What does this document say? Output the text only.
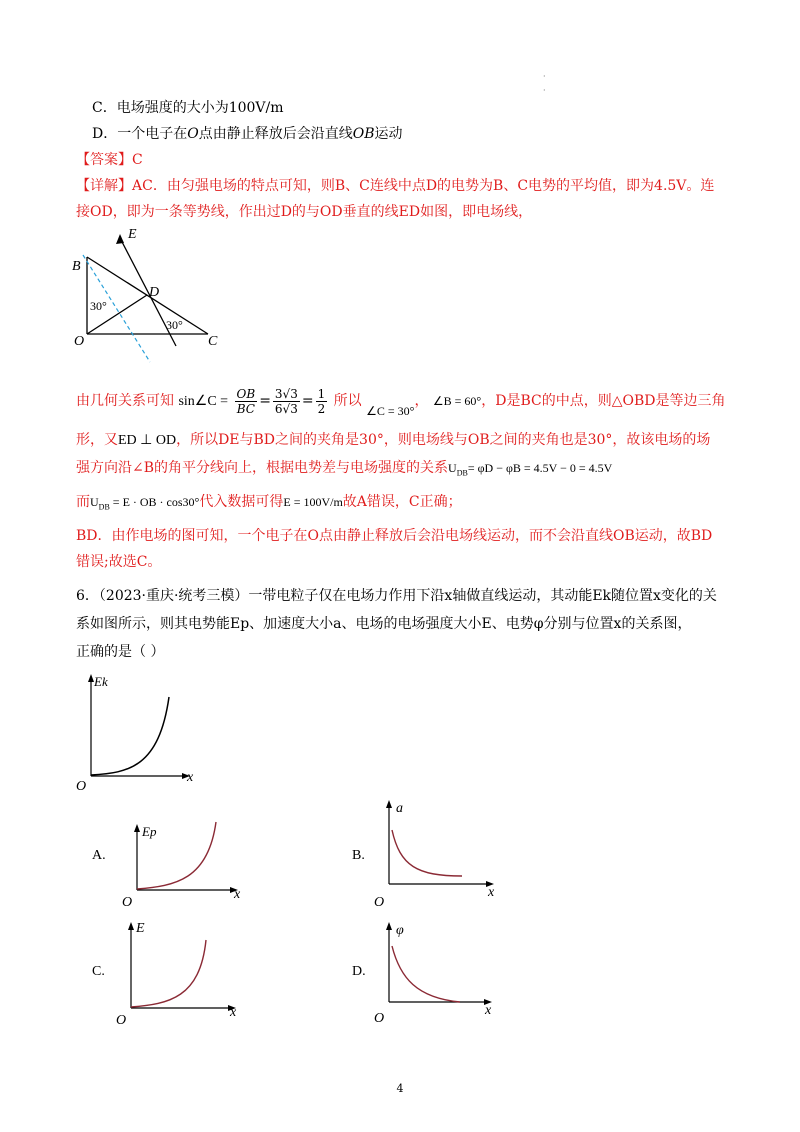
·
·
C．电场强度的大小为100V/m
D．一个电子在O点由静止释放后会沿直线OB运动
【答案】C
【详解】AC．由匀强电场的特点可知，则B、C连线中点D的电势为B、C电势的平均值，即为4.5V。连
接OD，即为一条等势线，作出过D的与OD垂直的线ED如图，即电场线，
E
B
D
30°
30°
O	C
由几何关系可知 sin∠C = $\frac{OB}{BC} = \frac{3√3}{6√3} = \frac{1}{2}$ 所以 ∠C = 30°， ∠B = 60°，D是BC的中点，则△OBD是等边三角
形，又ED ⊥ OD，所以DE与BD之间的夹角是30°，则电场线与OB之间的夹角也是30°，故该电场的场
强方向沿∠B的角平分线向上，根据电势差与电场强度的关系$U_{DB}= \varphi D - \varphi B = 4.5V - 0 = 4.5V$
而$U_{DB} = E$ · OB · cos30°代入数据可得E = 100V/m故A错误，C正确；
BD．由作电场的图可知，一个电子在O点由静止释放后会沿电场线运动，而不会沿直线OB运动，故BD
错误;故选C。
6．（2023·重庆·统考三模）一带电粒子仅在电场力作用下沿x轴做直线运动，其动能Ek随位置x变化的关
系如图所示，则其电势能Ep、加速度大小a、电场的电场强度大小E、电势φ分别与位置x的关系图，
正确的是（ ）
Ek
x
O
A.
Ep
x
O
B.
a
x
O
C.
E
x
O
D.
φ
x
O
4
